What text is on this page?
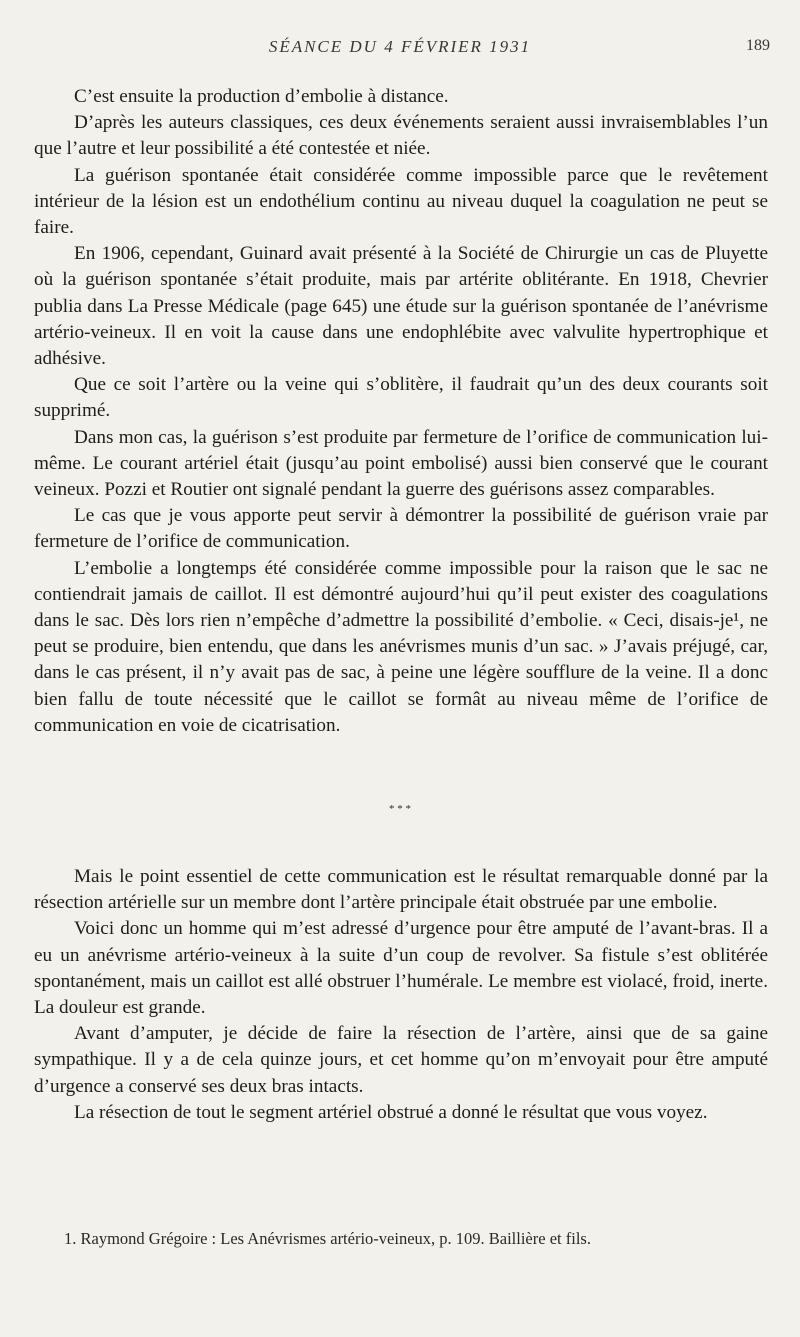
SÉANCE DU 4 FÉVRIER 1931	189

C’est ensuite la production d’embolie à distance.

D’après les auteurs classiques, ces deux événements seraient aussi invraisemblables l’un que l’autre et leur possibilité a été contestée et niée.

La guérison spontanée était considérée comme impossible parce que le revêtement intérieur de la lésion est un endothélium continu au niveau duquel la coagulation ne peut se faire.

En 1906, cependant, Guinard avait présenté à la Société de Chirurgie un cas de Pluyette où la guérison spontanée s’était produite, mais par artérite oblitérante. En 1918, Chevrier publia dans La Presse Médicale (page 645) une étude sur la guérison spontanée de l’anévrisme artério-veineux. Il en voit la cause dans une endophlébite avec valvulite hypertrophique et adhésive.

Que ce soit l’artère ou la veine qui s’oblitère, il faudrait qu’un des deux courants soit supprimé.

Dans mon cas, la guérison s’est produite par fermeture de l’orifice de communication lui-même. Le courant artériel était (jusqu’au point embolisé) aussi bien conservé que le courant veineux. Pozzi et Routier ont signalé pendant la guerre des guérisons assez comparables.

Le cas que je vous apporte peut servir à démontrer la possibilité de guérison vraie par fermeture de l’orifice de communication.

L’embolie a longtemps été considérée comme impossible pour la raison que le sac ne contiendrait jamais de caillot. Il est démontré aujourd’hui qu’il peut exister des coagulations dans le sac. Dès lors rien n’empêche d’admettre la possibilité d’embolie. « Ceci, disais-je¹, ne peut se produire, bien entendu, que dans les anévrismes munis d’un sac. » J’avais préjugé, car, dans le cas présent, il n’y avait pas de sac, à peine une légère soufflure de la veine. Il a donc bien fallu de toute nécessité que le caillot se formât au niveau même de l’orifice de communication en voie de cicatrisation.

* * *

Mais le point essentiel de cette communication est le résultat remarquable donné par la résection artérielle sur un membre dont l’artère principale était obstruée par une embolie.

Voici donc un homme qui m’est adressé d’urgence pour être amputé de l’avant-bras. Il a eu un anévrisme artério-veineux à la suite d’un coup de revolver. Sa fistule s’est oblitérée spontanément, mais un caillot est allé obstruer l’humérale. Le membre est violacé, froid, inerte. La douleur est grande.

Avant d’amputer, je décide de faire la résection de l’artère, ainsi que de sa gaine sympathique. Il y a de cela quinze jours, et cet homme qu’on m’envoyait pour être amputé d’urgence a conservé ses deux bras intacts.

La résection de tout le segment artériel obstrué a donné le résultat que vous voyez.

1. Raymond Grégoire : Les Anévrismes artério-veineux, p. 109. Baillière et fils.
